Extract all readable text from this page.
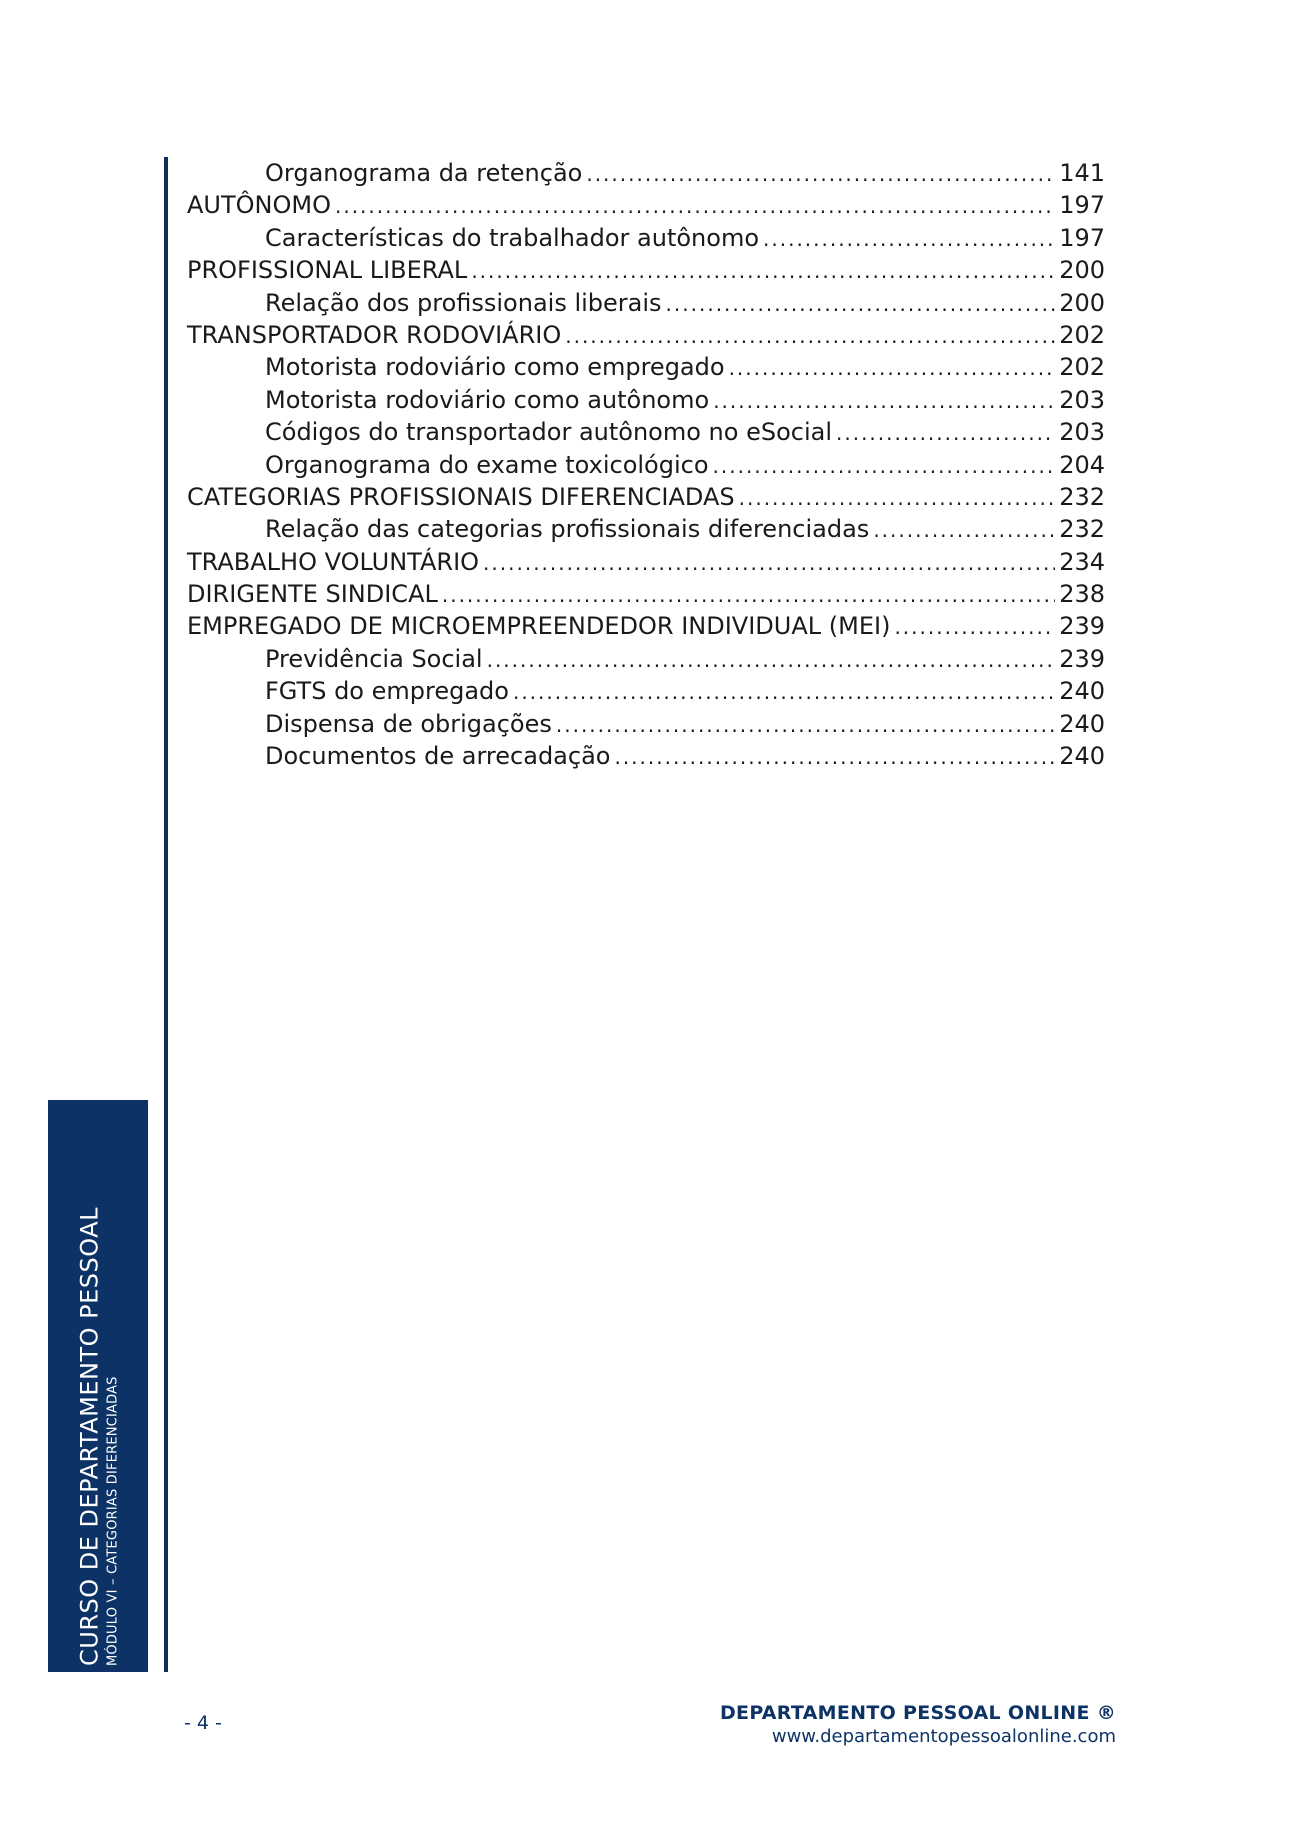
Organograma da retenção .....	141
AUTÔNOMO .....	197
Características do trabalhador autônomo .....	197
PROFISSIONAL LIBERAL .....	200
Relação dos profissionais liberais .....	200
TRANSPORTADOR RODOVIÁRIO .....	202
Motorista rodoviário como empregado .....	202
Motorista rodoviário como autônomo .....	203
Códigos do transportador autônomo no eSocial .....	203
Organograma do exame toxicológico .....	204
CATEGORIAS PROFISSIONAIS DIFERENCIADAS .....	232
Relação das categorias profissionais diferenciadas .....	232
TRABALHO VOLUNTÁRIO .....	234
DIRIGENTE SINDICAL .....	238
EMPREGADO DE MICROEMPREENDEDOR INDIVIDUAL (MEI) .....	239
Previdência Social .....	239
FGTS do empregado .....	240
Dispensa de obrigações .....	240
Documentos de arrecadação .....	240
CURSO DE DEPARTAMENTO PESSOAL MÓDULO VI – CATEGORIAS DIFERENCIADAS
- 4 -	DEPARTAMENTO PESSOAL ONLINE ®
www.departamentopessoalonline.com
